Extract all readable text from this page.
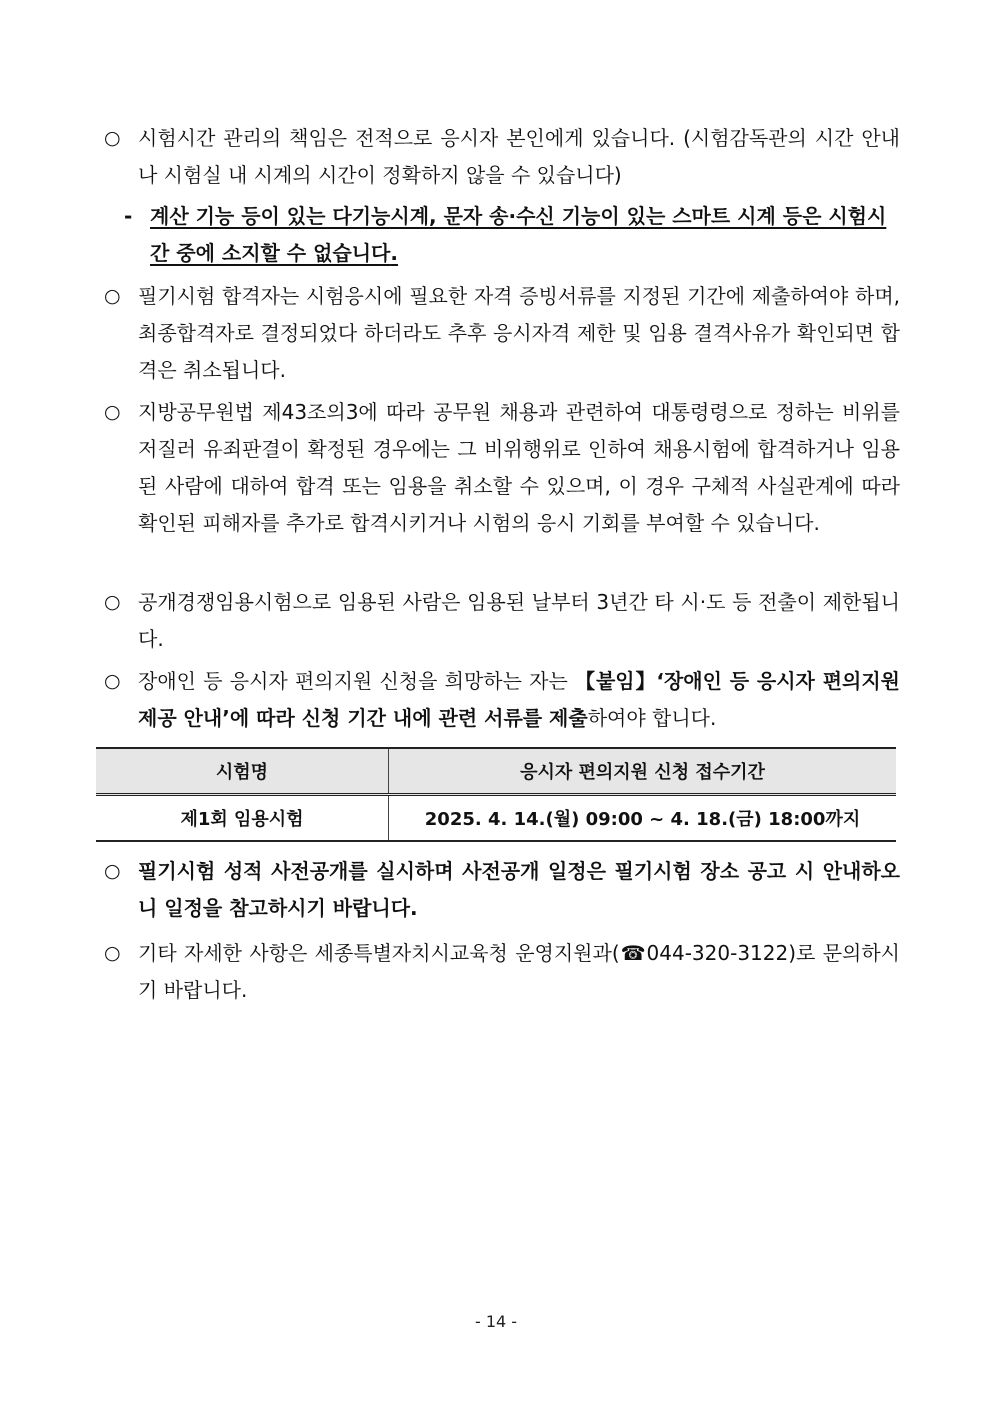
○ 시험시간 관리의 책임은 전적으로 응시자 본인에게 있습니다. (시험감독관의 시간 안내나 시험실 내 시계의 시간이 정확하지 않을 수 있습니다)
- 계산 기능 등이 있는 다기능시계, 문자 송·수신 기능이 있는 스마트 시계 등은 시험시간 중에 소지할 수 없습니다.
○ 필기시험 합격자는 시험응시에 필요한 자격 증빙서류를 지정된 기간에 제출하여야 하며, 최종합격자로 결정되었다 하더라도 추후 응시자격 제한 및 임용 결격사유가 확인되면 합격은 취소됩니다.
○ 지방공무원법 제43조의3에 따라 공무원 채용과 관련하여 대통령령으로 정하는 비위를 저질러 유죄판결이 확정된 경우에는 그 비위행위로 인하여 채용시험에 합격하거나 임용된 사람에 대하여 합격 또는 임용을 취소할 수 있으며, 이 경우 구체적 사실관계에 따라 확인된 피해자를 추가로 합격시키거나 시험의 응시 기회를 부여할 수 있습니다.
○ 공개경쟁임용시험으로 임용된 사람은 임용된 날부터 3년간 타 시·도 등 전출이 제한됩니다.
○ 장애인 등 응시자 편의지원 신청을 희망하는 자는 【붙임】‘장애인 등 응시자 편의지원 제공 안내’에 따라 신청 기간 내에 관련 서류를 제출하여야 합니다.
시험명	응시자 편의지원 신청 접수기간
제1회 임용시험	2025. 4. 14.(월) 09:00 ~ 4. 18.(금) 18:00까지
○ 필기시험 성적 사전공개를 실시하며 사전공개 일정은 필기시험 장소 공고 시 안내하오니 일정을 참고하시기 바랍니다.
○ 기타 자세한 사항은 세종특별자치시교육청 운영지원과(☎044-320-3122)로 문의하시기 바랍니다.
- 14 -
